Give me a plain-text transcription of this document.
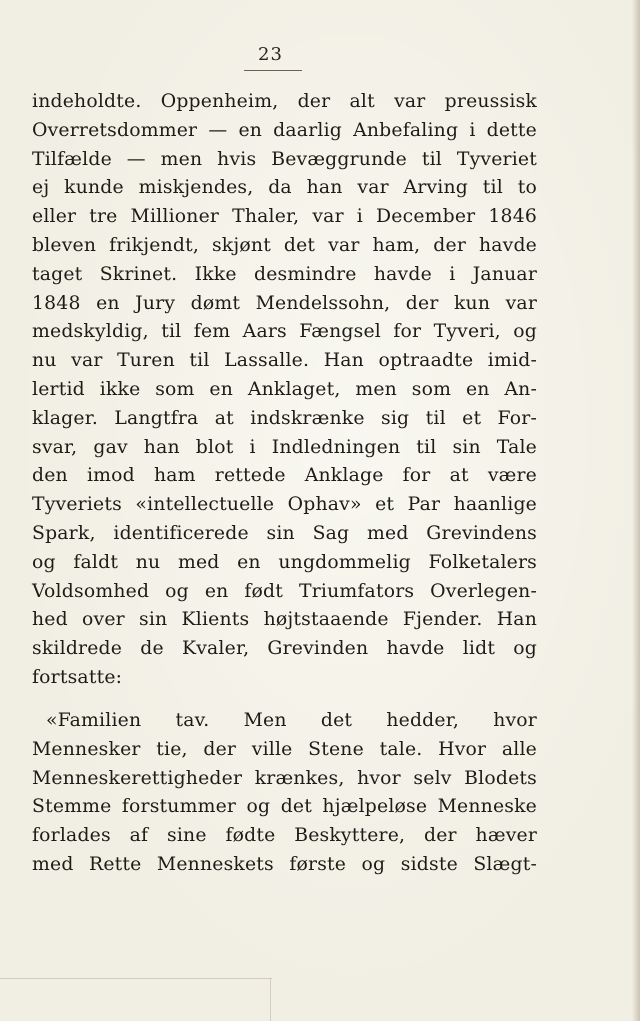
23
indeholdte. Oppenheim, der alt var preussisk
Overretsdommer — en daarlig Anbefaling i dette
Tilfælde — men hvis Bevæggrunde til Tyveriet
ej kunde miskjendes, da han var Arving til to
eller tre Millioner Thaler, var i December 1846
bleven frikjendt, skjønt det var ham, der havde
taget Skrinet. Ikke desmindre havde i Januar
1848 en Jury dømt Mendelssohn, der kun var
medskyldig, til fem Aars Fængsel for Tyveri, og
nu var Turen til Lassalle. Han optraadte imid-
lertid ikke som en Anklaget, men som en An-
klager. Langtfra at indskrænke sig til et For-
svar, gav han blot i Indledningen til sin Tale
den imod ham rettede Anklage for at være
Tyveriets «intellectuelle Ophav» et Par haanlige
Spark, identificerede sin Sag med Grevindens
og faldt nu med en ungdommelig Folketalers
Voldsomhed og en født Triumfators Overlegen-
hed over sin Klients højtstaaende Fjender. Han
skildrede de Kvaler, Grevinden havde lidt og
fortsatte:
«Familien tav. Men det hedder, hvor
Mennesker tie, der ville Stene tale. Hvor alle
Menneskerettigheder krænkes, hvor selv Blodets
Stemme forstummer og det hjælpeløse Menneske
forlades af sine fødte Beskyttere, der hæver
med Rette Menneskets første og sidste Slægt-
